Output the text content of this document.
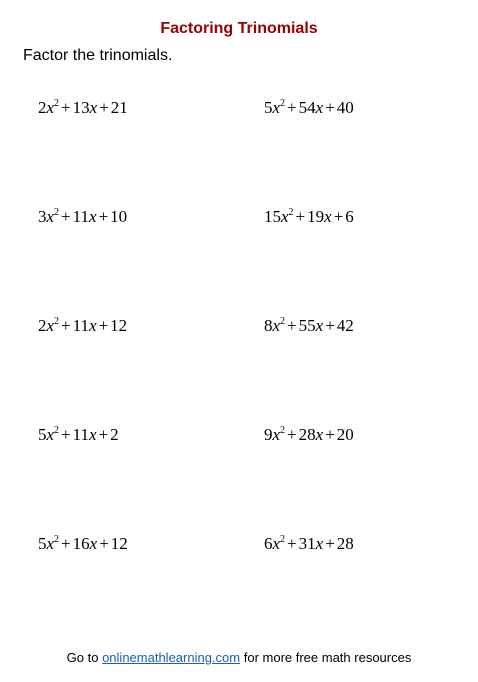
Factoring Trinomials
Factor the trinomials.
$2x^2 + 13x + 21$	$5x^2 + 54x + 40$
$3x^2 + 11x + 10$	$15x^2 + 19x + 6$
$2x^2 + 11x + 12$	$8x^2 + 55x + 42$
$5x^2 + 11x + 2$	$9x^2 + 28x + 20$
$5x^2 + 16x + 12$	$6x^2 + 31x + 28$
Go to onlinemathlearning.com for more free math resources
